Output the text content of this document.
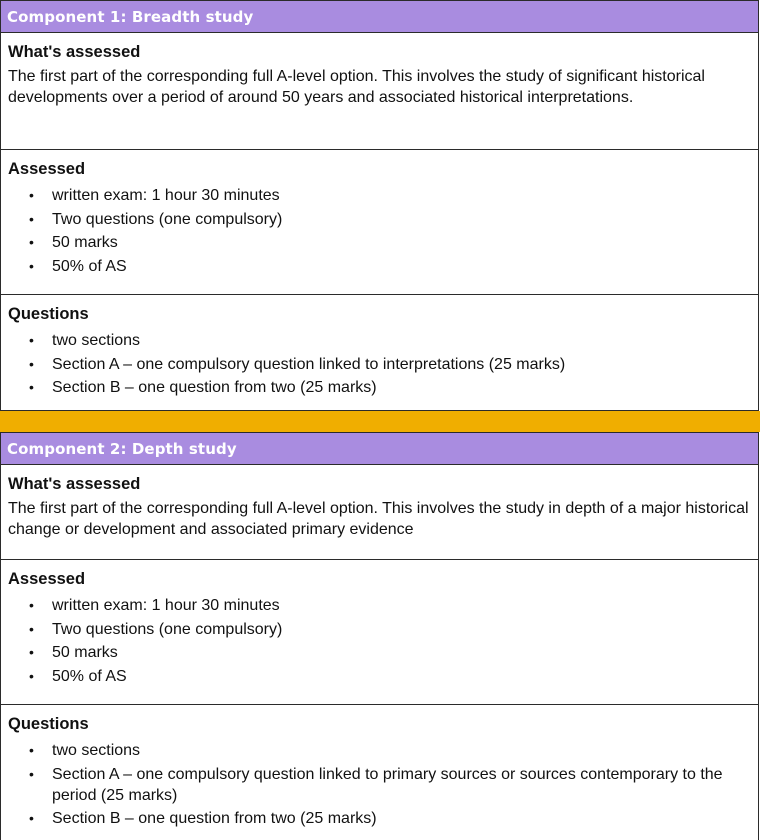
Component 1: Breadth study
What's assessed
The first part of the corresponding full A-level option. This involves the study of significant historical developments over a period of around 50 years and associated historical interpretations.
Assessed
• written exam: 1 hour 30 minutes
• Two questions (one compulsory)
• 50 marks
• 50% of AS
Questions
• two sections
• Section A – one compulsory question linked to interpretations (25 marks)
• Section B – one question from two (25 marks)
Component 2: Depth study
What's assessed
The first part of the corresponding full A-level option. This involves the study in depth of a major historical change or development and associated primary evidence
Assessed
• written exam: 1 hour 30 minutes
• Two questions (one compulsory)
• 50 marks
• 50% of AS
Questions
• two sections
• Section A – one compulsory question linked to primary sources or sources contemporary to the period (25 marks)
• Section B – one question from two (25 marks)
